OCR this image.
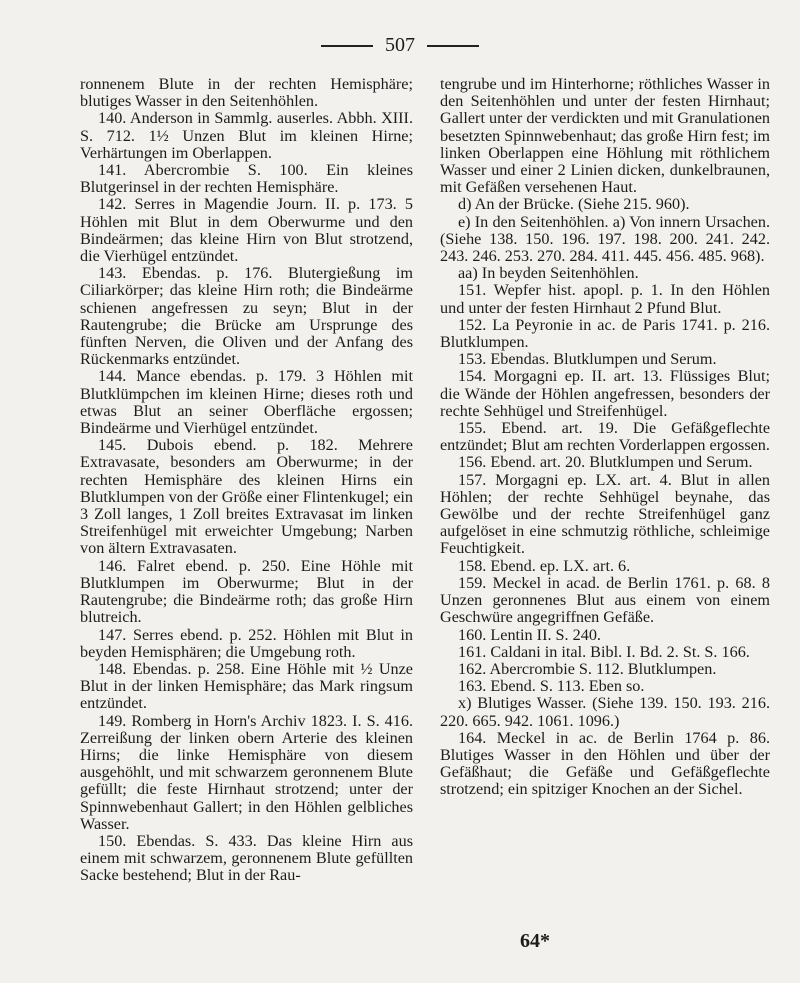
507

ronnenem Blute in der rechten Hemisphäre; blutiges Wasser in den Seitenhöhlen.

140. Anderson in Sammlg. auserles. Abbh. XIII. S. 712. 1½ Unzen Blut im kleinen Hirne; Verhärtungen im Oberlappen.

141. Abercrombie S. 100. Ein kleines Blutgerinsel in der rechten Hemisphäre.

142. Serres in Magendie Journ. II. p. 173. 5 Höhlen mit Blut in dem Oberwurme und den Bindeärmen; das kleine Hirn von Blut strotzend, die Vierhügel entzündet.

143. Ebendas. p. 176. Blutergießung im Ciliarkörper; das kleine Hirn roth; die Bindeärme schienen angefressen zu seyn; Blut in der Rautengrube; die Brücke am Ursprunge des fünften Nerven, die Oliven und der Anfang des Rückenmarks entzündet.

144. Mance ebendas. p. 179. 3 Höhlen mit Blutklümpchen im kleinen Hirne; dieses roth und etwas Blut an seiner Oberfläche ergossen; Bindeärme und Vierhügel entzündet.

145. Dubois ebend. p. 182. Mehrere Extravasate, besonders am Oberwurme; in der rechten Hemisphäre des kleinen Hirns ein Blutklumpen von der Größe einer Flintenkugel; ein 3 Zoll langes, 1 Zoll breites Extravasat im linken Streifenhügel mit erweichter Umgebung; Narben von ältern Extravasaten.

146. Falret ebend. p. 250. Eine Höhle mit Blutklumpen im Oberwurme; Blut in der Rautengrube; die Bindeärme roth; das große Hirn blutreich.

147. Serres ebend. p. 252. Höhlen mit Blut in beyden Hemisphären; die Umgebung roth.

148. Ebendas. p. 258. Eine Höhle mit ½ Unze Blut in der linken Hemisphäre; das Mark ringsum entzündet.

149. Romberg in Horn's Archiv 1823. I. S. 416. Zerreißung der linken obern Arterie des kleinen Hirns; die linke Hemisphäre von diesem ausgehöhlt, und mit schwarzem geronnenem Blute gefüllt; die feste Hirnhaut strotzend; unter der Spinnwebenhaut Gallert; in den Höhlen gelbliches Wasser.

150. Ebendas. S. 433. Das kleine Hirn aus einem mit schwarzem, geronnenem Blute gefüllten Sacke bestehend; Blut in der Rau-

tengrube und im Hinterhorne; röthliches Wasser in den Seitenhöhlen und unter der festen Hirnhaut; Gallert unter der verdickten und mit Granulationen besetzten Spinnwebenhaut; das große Hirn fest; im linken Oberlappen eine Höhlung mit röthlichem Wasser und einer 2 Linien dicken, dunkelbraunen, mit Gefäßen versehenen Haut.

d) An der Brücke. (Siehe 215. 960).

e) In den Seitenhöhlen. a) Von innern Ursachen. (Siehe 138. 150. 196. 197. 198. 200. 241. 242. 243. 246. 253. 270. 284. 411. 445. 456. 485. 968).

aa) In beyden Seitenhöhlen.

151. Wepfer hist. apopl. p. 1. In den Höhlen und unter der festen Hirnhaut 2 Pfund Blut.

152. La Peyronie in ac. de Paris 1741. p. 216. Blutklumpen.

153. Ebendas. Blutklumpen und Serum.

154. Morgagni ep. II. art. 13. Flüssiges Blut; die Wände der Höhlen angefressen, besonders der rechte Sehhügel und Streifenhügel.

155. Ebend. art. 19. Die Gefäßgeflechte entzündet; Blut am rechten Vorderlappen ergossen.

156. Ebend. art. 20. Blutklumpen und Serum.

157. Morgagni ep. LX. art. 4. Blut in allen Höhlen; der rechte Sehhügel beynahe, das Gewölbe und der rechte Streifenhügel ganz aufgelöset in eine schmutzig röthliche, schleimige Feuchtigkeit.

158. Ebend. ep. LX. art. 6.

159. Meckel in acad. de Berlin 1761. p. 68. 8 Unzen geronnenes Blut aus einem von einem Geschwüre angegriffnen Gefäße.

160. Lentin II. S. 240.

161. Caldani in ital. Bibl. I. Bd. 2. St. S. 166.

162. Abercrombie S. 112. Blutklumpen.

163. Ebend. S. 113. Eben so.

x) Blutiges Wasser. (Siehe 139. 150. 193. 216. 220. 665. 942. 1061. 1096.)

164. Meckel in ac. de Berlin 1764 p. 86. Blutiges Wasser in den Höhlen und über der Gefäßhaut; die Gefäße und Gefäßgeflechte strotzend; ein spitziger Knochen an der Sichel.

64*
